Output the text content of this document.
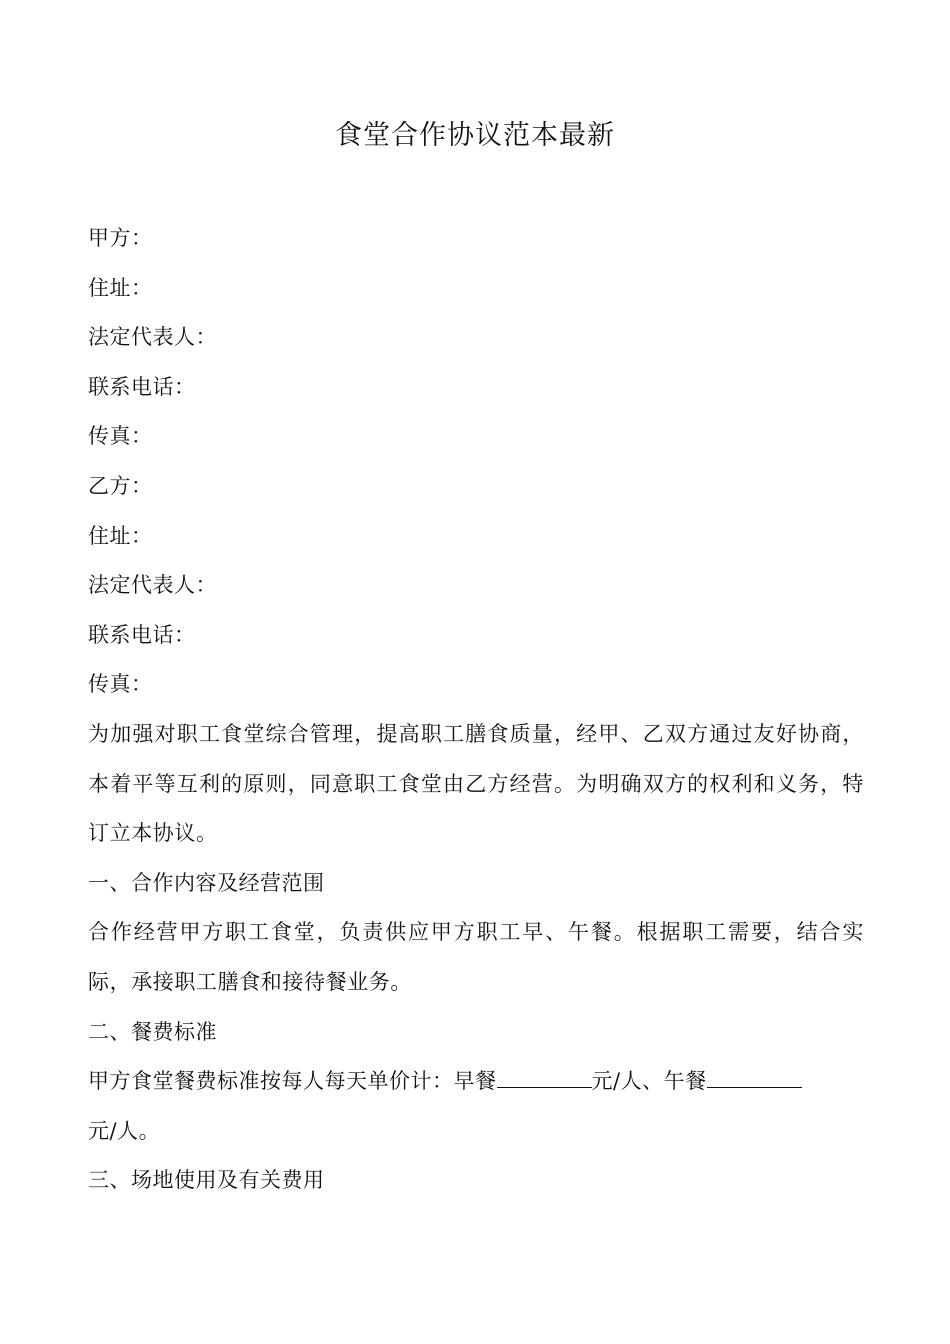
食堂合作协议范本最新

甲方：

住址：

法定代表人：

联系电话：

传真：

乙方：

住址：

法定代表人：

联系电话：

传真：

为加强对职工食堂综合管理，提高职工膳食质量，经甲、乙双方通过友好协商，本着平等互利的原则，同意职工食堂由乙方经营。为明确双方的权利和义务，特订立本协议。

一、合作内容及经营范围

合作经营甲方职工食堂，负责供应甲方职工早、午餐。根据职工需要，结合实际，承接职工膳食和接待餐业务。

二、餐费标准

甲方食堂餐费标准按每人每天单价计：早餐	元/人、午餐

元/人。

三、场地使用及有关费用
